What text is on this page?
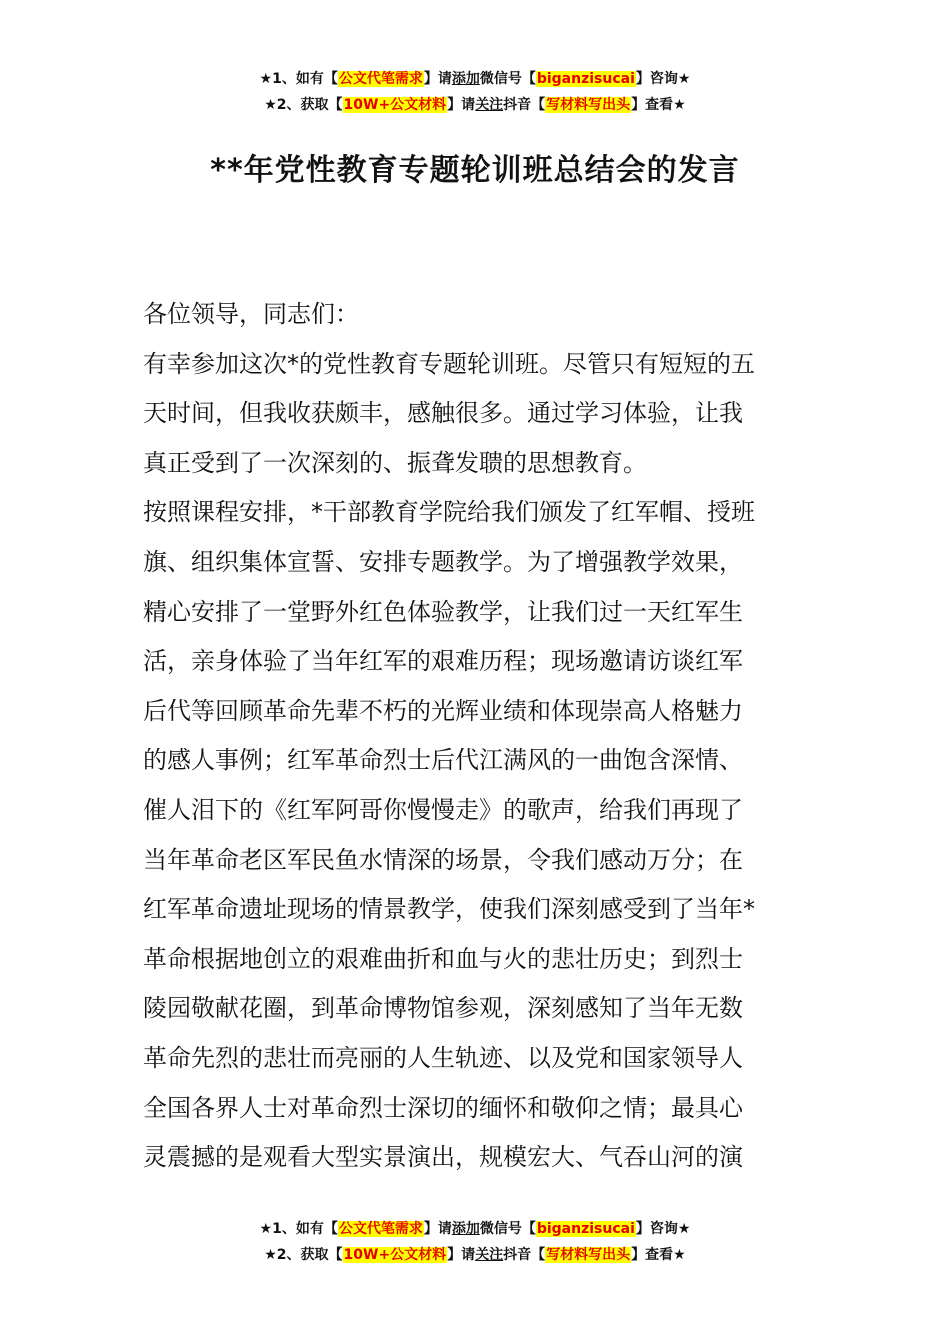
★1、如有【公文代笔需求】请添加微信号【biganzisucai】咨询★
★2、获取【10W+公文材料】请关注抖音【写材料写出头】查看★
**年党性教育专题轮训班总结会的发言

各位领导，同志们：

有幸参加这次*的党性教育专题轮训班。尽管只有短短的五

天时间，但我收获颇丰，感触很多。通过学习体验，让我

真正受到了一次深刻的、振聋发聩的思想教育。

按照课程安排，*干部教育学院给我们颁发了红军帽、授班

旗、组织集体宣誓、安排专题教学。为了增强教学效果，

精心安排了一堂野外红色体验教学，让我们过一天红军生

活，亲身体验了当年红军的艰难历程；现场邀请访谈红军

后代等回顾革命先辈不朽的光辉业绩和体现崇高人格魅力

的感人事例；红军革命烈士后代江满风的一曲饱含深情、

催人泪下的《红军阿哥你慢慢走》的歌声，给我们再现了

当年革命老区军民鱼水情深的场景，令我们感动万分；在

红军革命遗址现场的情景教学，使我们深刻感受到了当年*

革命根据地创立的艰难曲折和血与火的悲壮历史；到烈士

陵园敬献花圈，到革命博物馆参观，深刻感知了当年无数

革命先烈的悲壮而亮丽的人生轨迹、以及党和国家领导人

全国各界人士对革命烈士深切的缅怀和敬仰之情；最具心

灵震撼的是观看大型实景演出，规模宏大、气吞山河的演

★1、如有【公文代笔需求】请添加微信号【biganzisucai】咨询★
★2、获取【10W+公文材料】请关注抖音【写材料写出头】查看★
